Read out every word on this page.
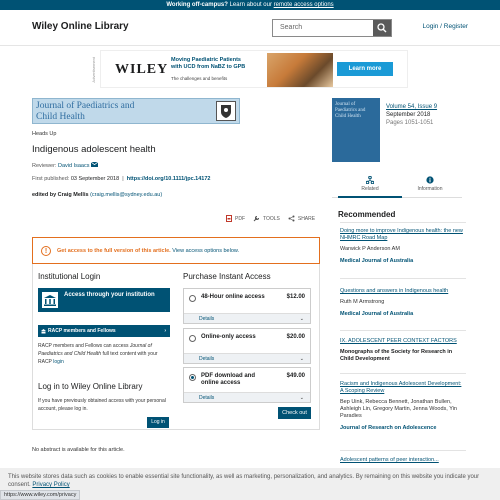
Working off-campus? Learn about our remote access options
Wiley Online Library	Search	Login / Register
Advertisement WILEY
Moving Paediatric Patients
with UCD from NaBZ to GPB
The challenges and benefits
Learn more
Journal of Paediatrics and
Child Health
Journal of
Paediatrics and
Child Health
Volume 54, Issue 9
September 2018
Pages 1051-1051
Heads Up
Indigenous adolescent health
Reviewer: David Isaacs
First published: 03 September 2018  |  https://doi.org/10.1111/jpc.14172
edited by Craig Mellis (craig.mellis@sydney.edu.au)
PDF	TOOLS	SHARE
Related	Information
Recommended
Doing more to improve Indigenous health: the new NHMRC Road Map
Warwick P Anderson AM
Medical Journal of Australia
Questions and answers in Indigenous health
Ruth M Armstrong
Medical Journal of Australia
IX. ADOLESCENT PEER CONTEXT FACTORS
Monographs of the Society for Research in Child Development
Racism and Indigenous Adolescent Development: A Scoping Review
Bep Uink, Rebecca Bennett, Jonathan Bullen, Ashleigh Lin, Gregory Martin, Jenna Woods, Yin Paradies
Journal of Research on Adolescence
Adolescent patterns of peer interaction...
!	Get access to the full version of this article. View access options below.
Institutional Login
Access through your institution
RACP members and Fellows	›
RACP members and Fellows can access Journal of Paediatrics and Child Health full text content with your RACP login
Log in to Wiley Online Library
If you have previously obtained access with your personal account, please log in.
Log in
Purchase Instant Access
48-Hour online access	$12.00
Details	⌄
Online-only access	$20.00
Details	⌄
PDF download and online access
$49.00
Details	⌄
Check out
No abstract is available for this article.
This website stores data such as cookies to enable essential site functionality, as well as marketing, personalization, and analytics. By remaining on this website you indicate your consent. Privacy Policy
https://www.wiley.com/privacy
